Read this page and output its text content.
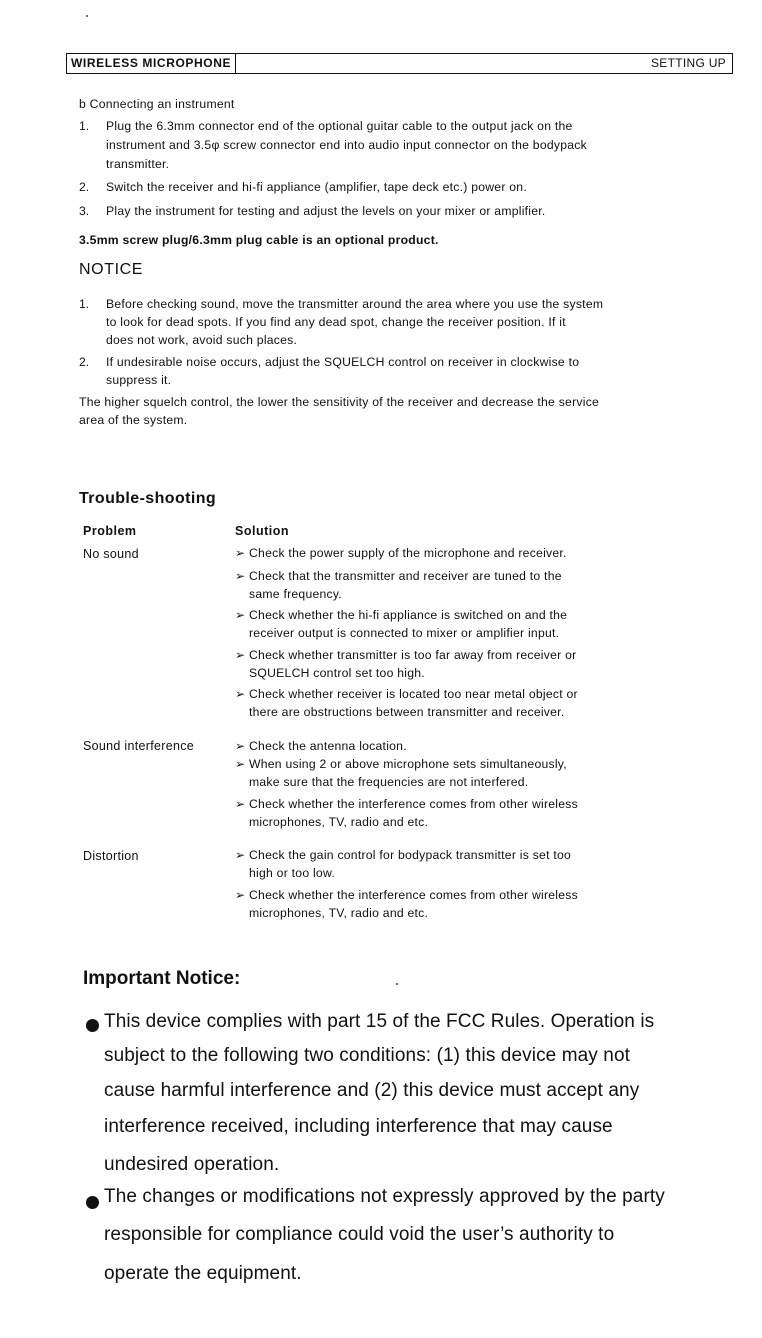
WIRELESS MICROPHONE	SETTING UP
b Connecting an instrument
1. Plug the 6.3mm connector end of the optional guitar cable to the output jack on the
instrument and 3.5φ screw connector end into audio input connector on the bodypack
transmitter.
2. Switch the receiver and hi-fi appliance (amplifier, tape deck etc.) power on.
3. Play the instrument for testing and adjust the levels on your mixer or amplifier.
3.5mm screw plug/6.3mm plug cable is an optional product.
NOTICE
1. Before checking sound, move the transmitter around the area where you use the system
to look for dead spots. If you find any dead spot, change the receiver position. If it
does not work, avoid such places.
2. If undesirable noise occurs, adjust the SQUELCH control on receiver in clockwise to
suppress it.
The higher squelch control, the lower the sensitivity of the receiver and decrease the service
area of the system.
Trouble-shooting
Problem	Solution
No sound	➢ Check the power supply of the microphone and receiver.
➢ Check that the transmitter and receiver are tuned to the
same frequency.
➢ Check whether the hi-fi appliance is switched on and the
receiver output is connected to mixer or amplifier input.
➢ Check whether transmitter is too far away from receiver or
SQUELCH control set too high.
➢ Check whether receiver is located too near metal object or
there are obstructions between transmitter and receiver.
Sound interference	➢ Check the antenna location.
➢ When using 2 or above microphone sets simultaneously,
make sure that the frequencies are not interfered.
➢ Check whether the interference comes from other wireless
microphones, TV, radio and etc.
Distortion	➢ Check the gain control for bodypack transmitter is set too
high or too low.
➢ Check whether the interference comes from other wireless
microphones, TV, radio and etc.
Important Notice:
This device complies with part 15 of the FCC Rules. Operation is
subject to the following two conditions: (1) this device may not
cause harmful interference and (2) this device must accept any
interference received, including interference that may cause
undesired operation.
The changes or modifications not expressly approved by the party
responsible for compliance could void the user’s authority to
operate the equipment.
